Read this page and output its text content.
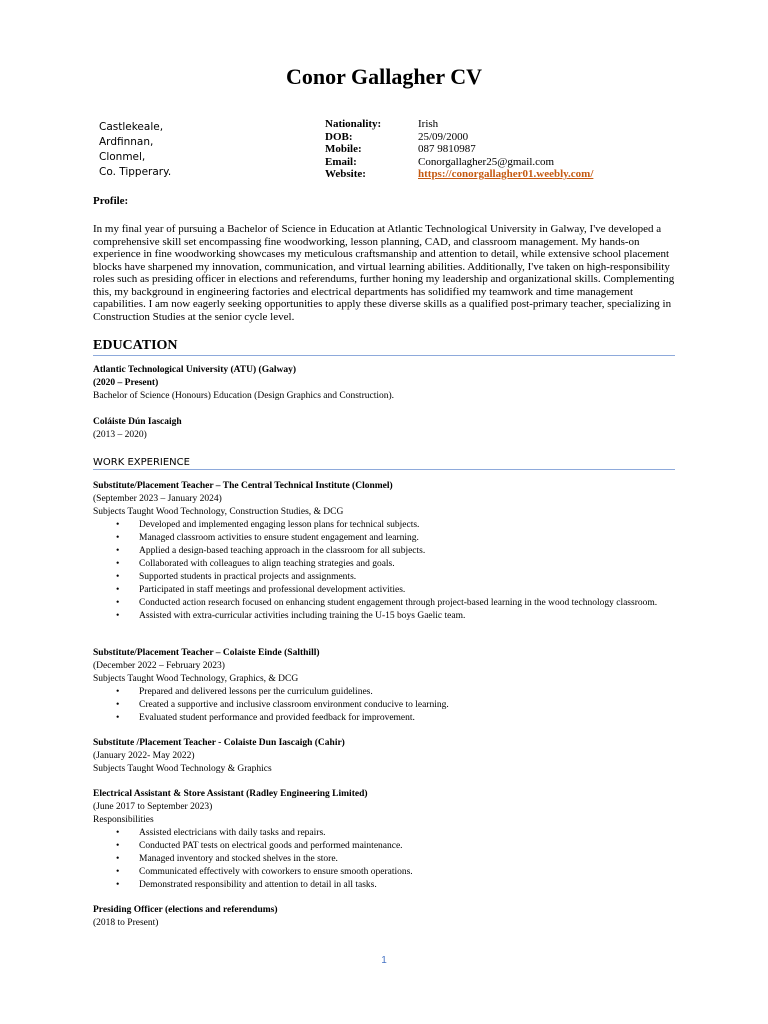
Conor Gallagher CV
Castlekeale,
Ardfinnan,
Clonmel,
Co. Tipperary.
Nationality:	Irish
DOB:	25/09/2000
Mobile:	087 9810987
Email:	Conorgallagher25@gmail.com
Website:	https://conorgallagher01.weebly.com/
Profile:

In my final year of pursuing a Bachelor of Science in Education at Atlantic Technological University in Galway, I've developed a comprehensive skill set encompassing fine woodworking, lesson planning, CAD, and classroom management. My hands-on experience in fine woodworking showcases my meticulous craftsmanship and attention to detail, while extensive school placement blocks have sharpened my innovation, communication, and virtual learning abilities. Additionally, I've taken on high-responsibility roles such as presiding officer in elections and referendums, further honing my leadership and organizational skills. Complementing this, my background in engineering factories and electrical departments has solidified my teamwork and time management capabilities. I am now eagerly seeking opportunities to apply these diverse skills as a qualified post-primary teacher, specializing in Construction Studies at the senior cycle level.

EDUCATION
Atlantic Technological University (ATU) (Galway)
(2020 – Present)
Bachelor of Science (Honours) Education (Design Graphics and Construction).
Coláiste Dún Iascaigh
(2013 – 2020)
WORK EXPERIENCE
Substitute/Placement Teacher – The Central Technical Institute (Clonmel)
(September 2023 – January 2024)
Subjects Taught Wood Technology, Construction Studies, & DCG
• Developed and implemented engaging lesson plans for technical subjects.
• Managed classroom activities to ensure student engagement and learning.
• Applied a design-based teaching approach in the classroom for all subjects.
• Collaborated with colleagues to align teaching strategies and goals.
• Supported students in practical projects and assignments.
• Participated in staff meetings and professional development activities.
• Conducted action research focused on enhancing student engagement through project-based learning in the wood technology classroom.
• Assisted with extra-curricular activities including training the U-15 boys Gaelic team.
Substitute/Placement Teacher – Colaiste Einde (Salthill)
(December 2022 – February 2023)
Subjects Taught Wood Technology, Graphics, & DCG
• Prepared and delivered lessons per the curriculum guidelines.
• Created a supportive and inclusive classroom environment conducive to learning.
• Evaluated student performance and provided feedback for improvement.
Substitute /Placement Teacher - Colaiste Dun Iascaigh (Cahir)
(January 2022- May 2022)
Subjects Taught Wood Technology & Graphics
Electrical Assistant & Store Assistant (Radley Engineering Limited)
(June 2017 to September 2023)
Responsibilities
• Assisted electricians with daily tasks and repairs.
• Conducted PAT tests on electrical goods and performed maintenance.
• Managed inventory and stocked shelves in the store.
• Communicated effectively with coworkers to ensure smooth operations.
• Demonstrated responsibility and attention to detail in all tasks.
Presiding Officer (elections and referendums)
(2018 to Present)
1
